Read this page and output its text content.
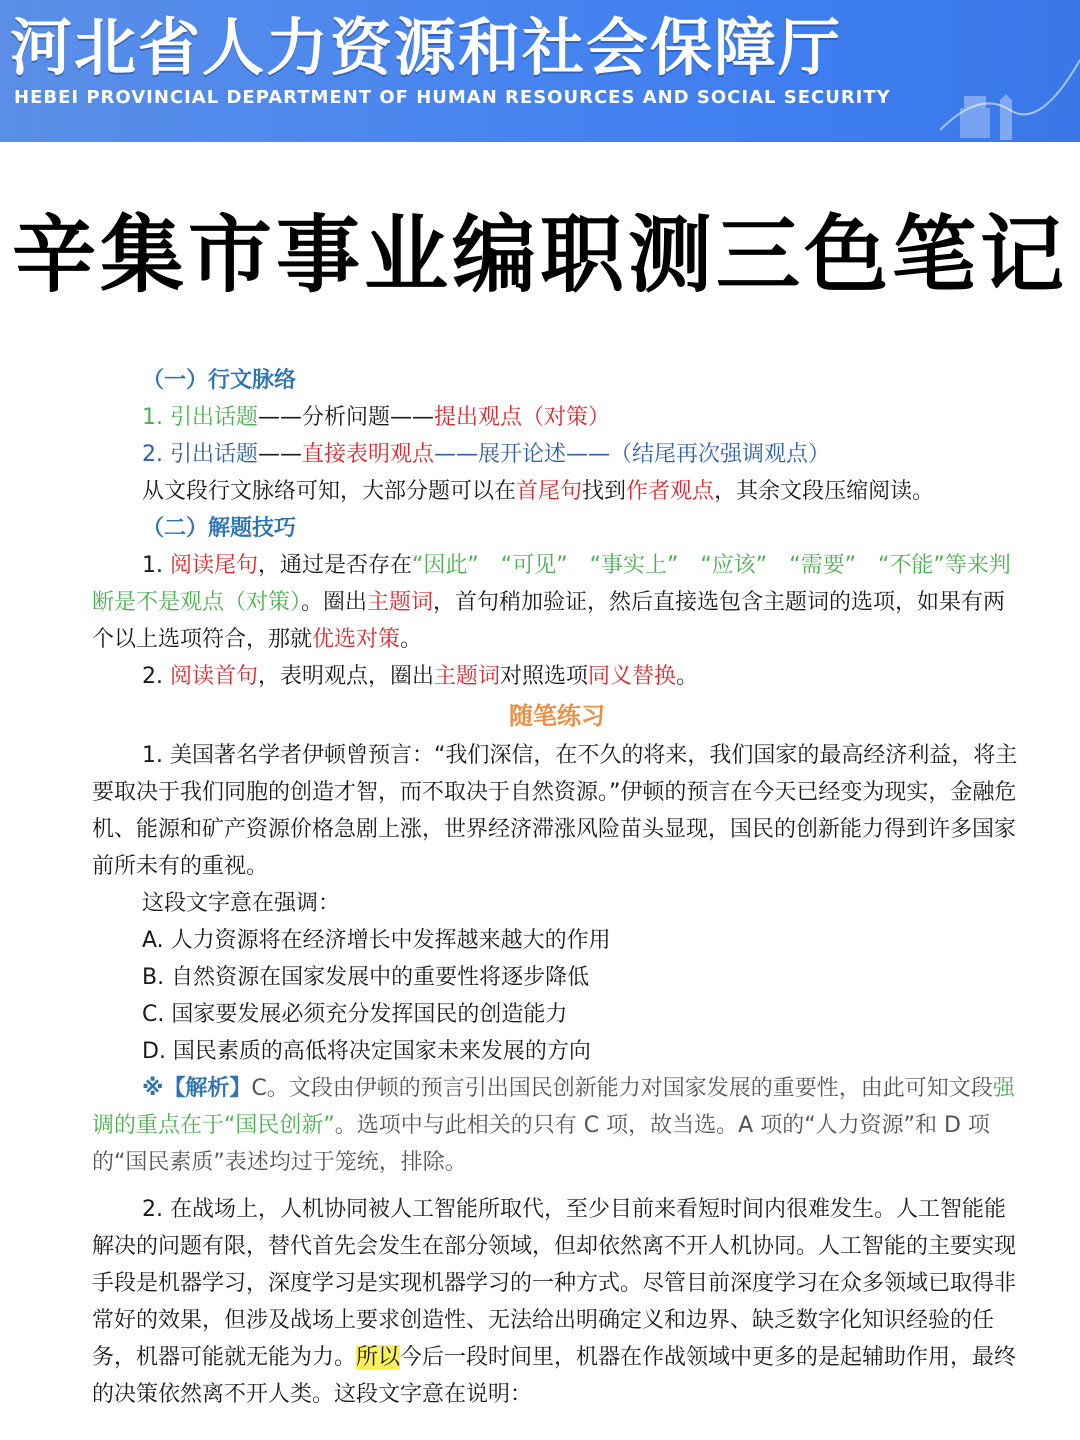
河北省人力资源和社会保障厅
HEBEI PROVINCIAL DEPARTMENT OF HUMAN RESOURCES AND SOCIAL SECURITY
辛集市事业编职测三色笔记
（一）行文脉络
1. 引出话题——分析问题——提出观点（对策）
2. 引出话题——直接表明观点——展开论述——（结尾再次强调观点）
从文段行文脉络可知，大部分题可以在首尾句找到作者观点，其余文段压缩阅读。
（二）解题技巧
1. 阅读尾句，通过是否存在“因此”　“可见”　“事实上”　“应该”　“需要”　“不能”等来判断是不是观点（对策）。圈出主题词，首句稍加验证，然后直接选包含主题词的选项，如果有两个以上选项符合，那就优选对策。
2. 阅读首句，表明观点，圈出主题词对照选项同义替换。
随笔练习
1. 美国著名学者伊顿曾预言：“我们深信，在不久的将来，我们国家的最高经济利益，将主要取决于我们同胞的创造才智，而不取决于自然资源。”伊顿的预言在今天已经变为现实，金融危机、能源和矿产资源价格急剧上涨，世界经济滞涨风险苗头显现，国民的创新能力得到许多国家前所未有的重视。
这段文字意在强调：
A. 人力资源将在经济增长中发挥越来越大的作用
B. 自然资源在国家发展中的重要性将逐步降低
C. 国家要发展必须充分发挥国民的创造能力
D. 国民素质的高低将决定国家未来发展的方向
※【解析】C。文段由伊顿的预言引出国民创新能力对国家发展的重要性，由此可知文段强调的重点在于“国民创新”。选项中与此相关的只有 C 项，故当选。A 项的“人力资源”和 D 项的“国民素质”表述均过于笼统，排除。
2. 在战场上，人机协同被人工智能所取代，至少目前来看短时间内很难发生。人工智能能解决的问题有限，替代首先会发生在部分领域，但却依然离不开人机协同。人工智能的主要实现手段是机器学习，深度学习是实现机器学习的一种方式。尽管目前深度学习在众多领域已取得非常好的效果，但涉及战场上要求创造性、无法给出明确定义和边界、缺乏数字化知识经验的任务，机器可能就无能为力。所以今后一段时间里，机器在作战领域中更多的是起辅助作用，最终的决策依然离不开人类。这段文字意在说明：
